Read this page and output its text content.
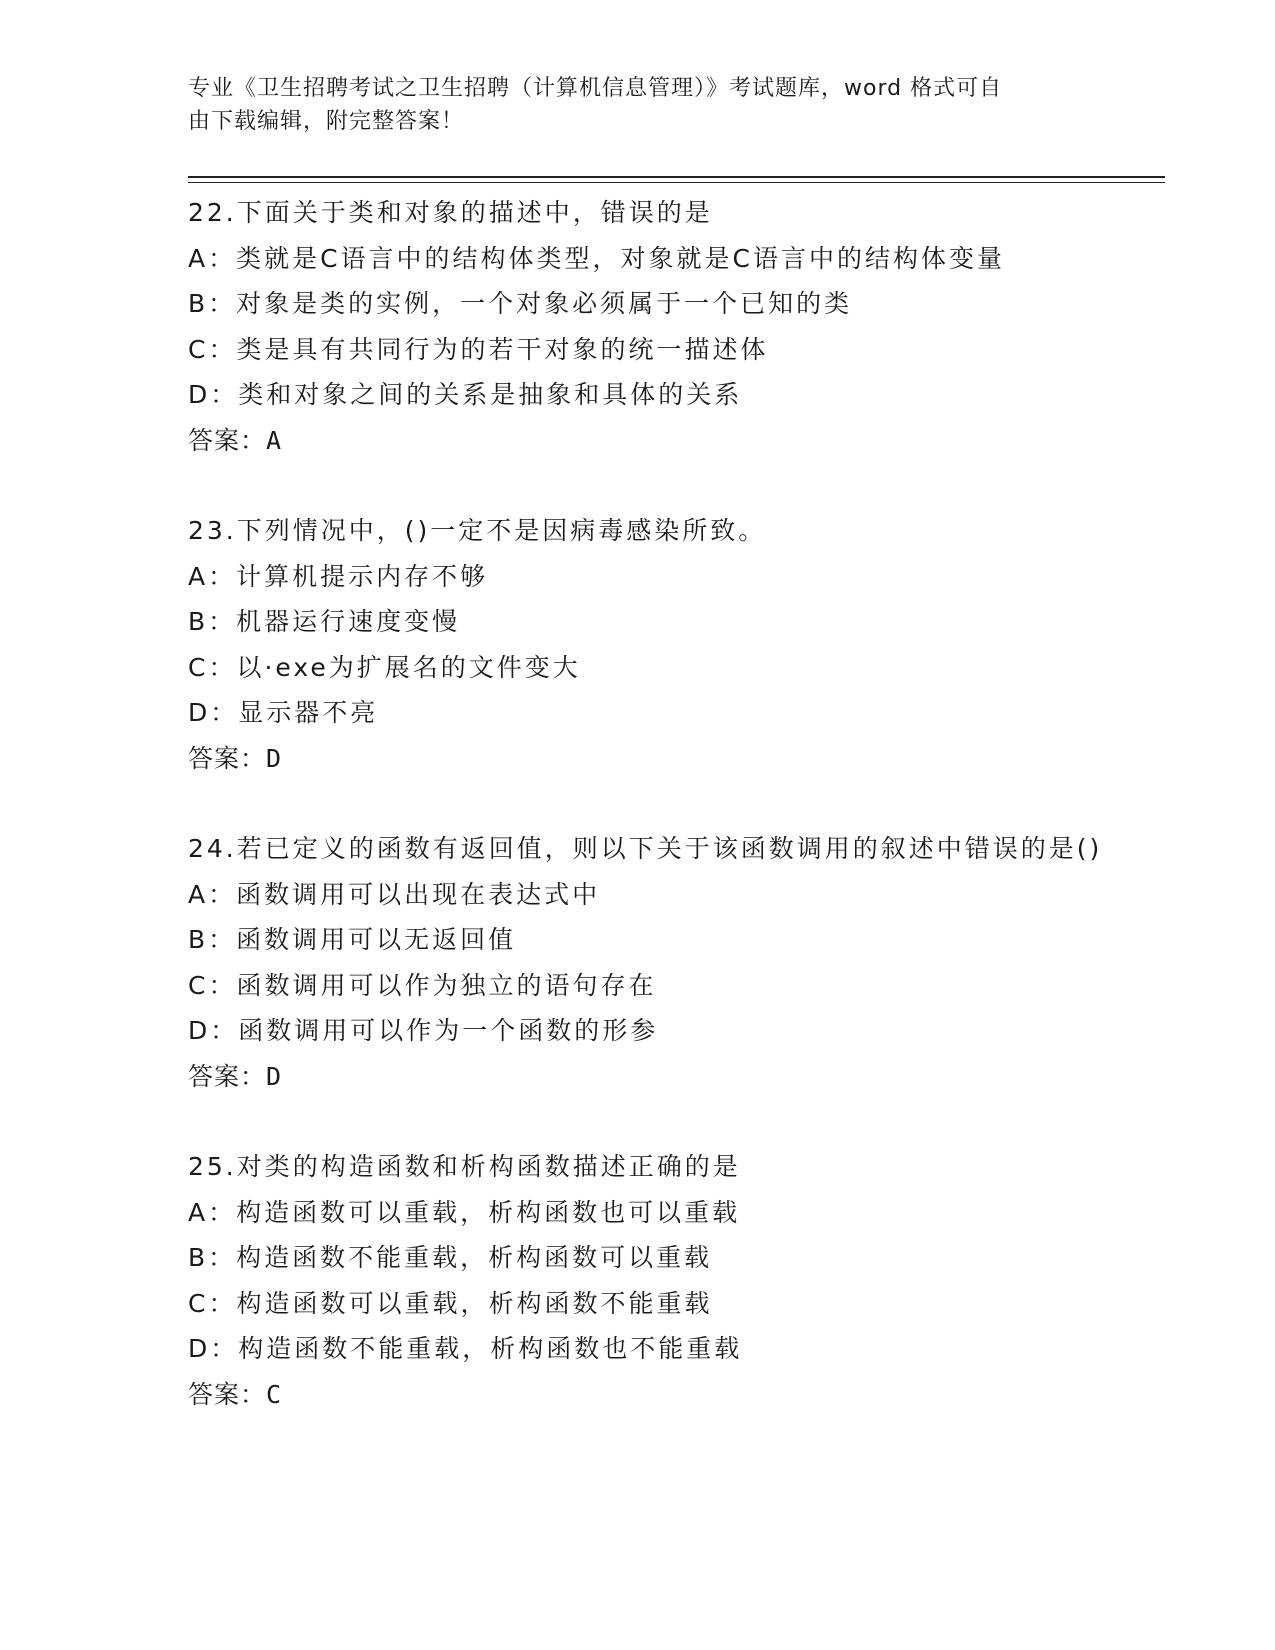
专业《卫生招聘考试之卫生招聘（计算机信息管理）》考试题库，word 格式可自
由下载编辑，附完整答案！
22.下面关于类和对象的描述中，错误的是
A：类就是C语言中的结构体类型，对象就是C语言中的结构体变量
B：对象是类的实例，一个对象必须属于一个已知的类
C：类是具有共同行为的若干对象的统一描述体
D：类和对象之间的关系是抽象和具体的关系
答案：A
23.下列情况中，()一定不是因病毒感染所致。
A：计算机提示内存不够
B：机器运行速度变慢
C：以·exe为扩展名的文件变大
D：显示器不亮
答案：D
24.若已定义的函数有返回值，则以下关于该函数调用的叙述中错误的是()
A：函数调用可以出现在表达式中
B：函数调用可以无返回值
C：函数调用可以作为独立的语句存在
D：函数调用可以作为一个函数的形参
答案：D
25.对类的构造函数和析构函数描述正确的是
A：构造函数可以重载，析构函数也可以重载
B：构造函数不能重载，析构函数可以重载
C：构造函数可以重载，析构函数不能重载
D：构造函数不能重载，析构函数也不能重载
答案：C
